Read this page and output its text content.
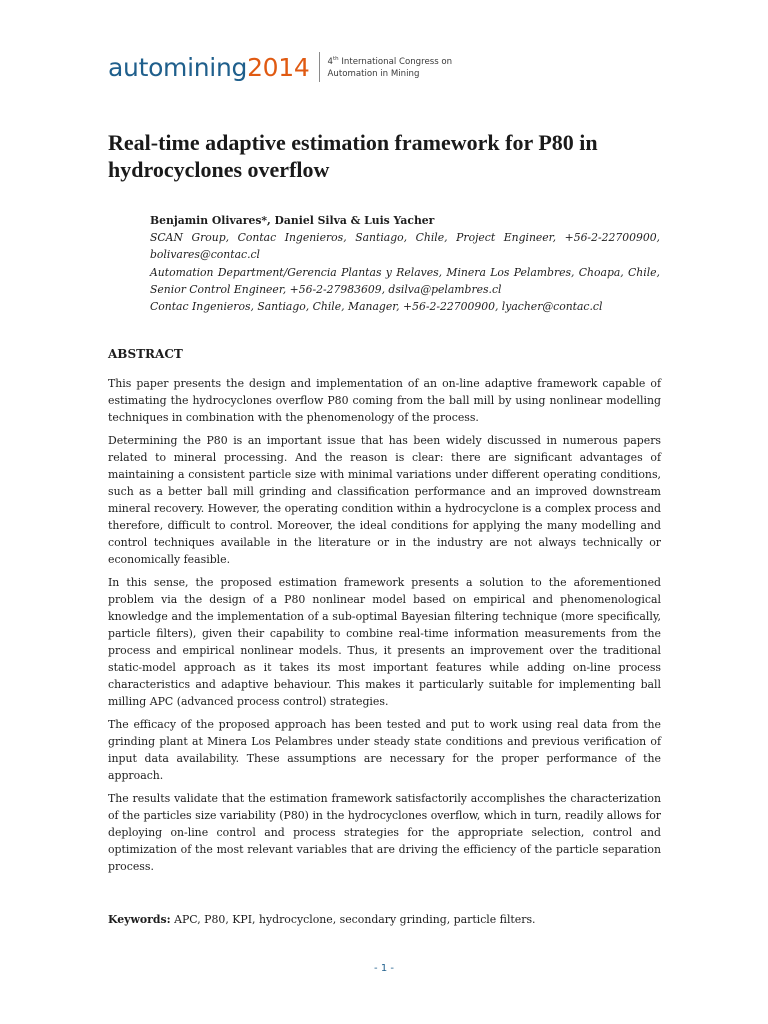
automining2014 4th International Congress on
Automation in Mining
Real-time adaptive estimation framework for P80 in hydrocyclones overflow
Benjamin Olivares*, Daniel Silva & Luis Yacher
SCAN Group, Contac Ingenieros, Santiago, Chile, Project Engineer, +56-2-22700900, bolivares@contac.cl
Automation Department/Gerencia Plantas y Relaves, Minera Los Pelambres, Choapa, Chile, Senior Control Engineer, +56-2-27983609, dsilva@pelambres.cl
Contac Ingenieros, Santiago, Chile, Manager, +56-2-22700900, lyacher@contac.cl
ABSTRACT

This paper presents the design and implementation of an on-line adaptive framework capable of estimating the hydrocyclones overflow P80 coming from the ball mill by using nonlinear modelling techniques in combination with the phenomenology of the process.

Determining the P80 is an important issue that has been widely discussed in numerous papers related to mineral processing. And the reason is clear: there are significant advantages of maintaining a consistent particle size with minimal variations under different operating conditions, such as a better ball mill grinding and classification performance and an improved downstream mineral recovery. However, the operating condition within a hydrocyclone is a complex process and therefore, difficult to control. Moreover, the ideal conditions for applying the many modelling and control techniques available in the literature or in the industry are not always technically or economically feasible.

In this sense, the proposed estimation framework presents a solution to the aforementioned problem via the design of a P80 nonlinear model based on empirical and phenomenological knowledge and the implementation of a sub-optimal Bayesian filtering technique (more specifically, particle filters), given their capability to combine real-time information measurements from the process and empirical nonlinear models. Thus, it presents an improvement over the traditional static-model approach as it takes its most important features while adding on-line process characteristics and adaptive behaviour. This makes it particularly suitable for implementing ball milling APC (advanced process control) strategies.

The efficacy of the proposed approach has been tested and put to work using real data from the grinding plant at Minera Los Pelambres under steady state conditions and previous verification of input data availability. These assumptions are necessary for the proper performance of the approach.

The results validate that the estimation framework satisfactorily accomplishes the characterization of the particles size variability (P80) in the hydrocyclones overflow, which in turn, readily allows for deploying on-line control and process strategies for the appropriate selection, control and optimization of the most relevant variables that are driving the efficiency of the particle separation process.

Keywords: APC, P80, KPI, hydrocyclone, secondary grinding, particle filters.
- 1 -
